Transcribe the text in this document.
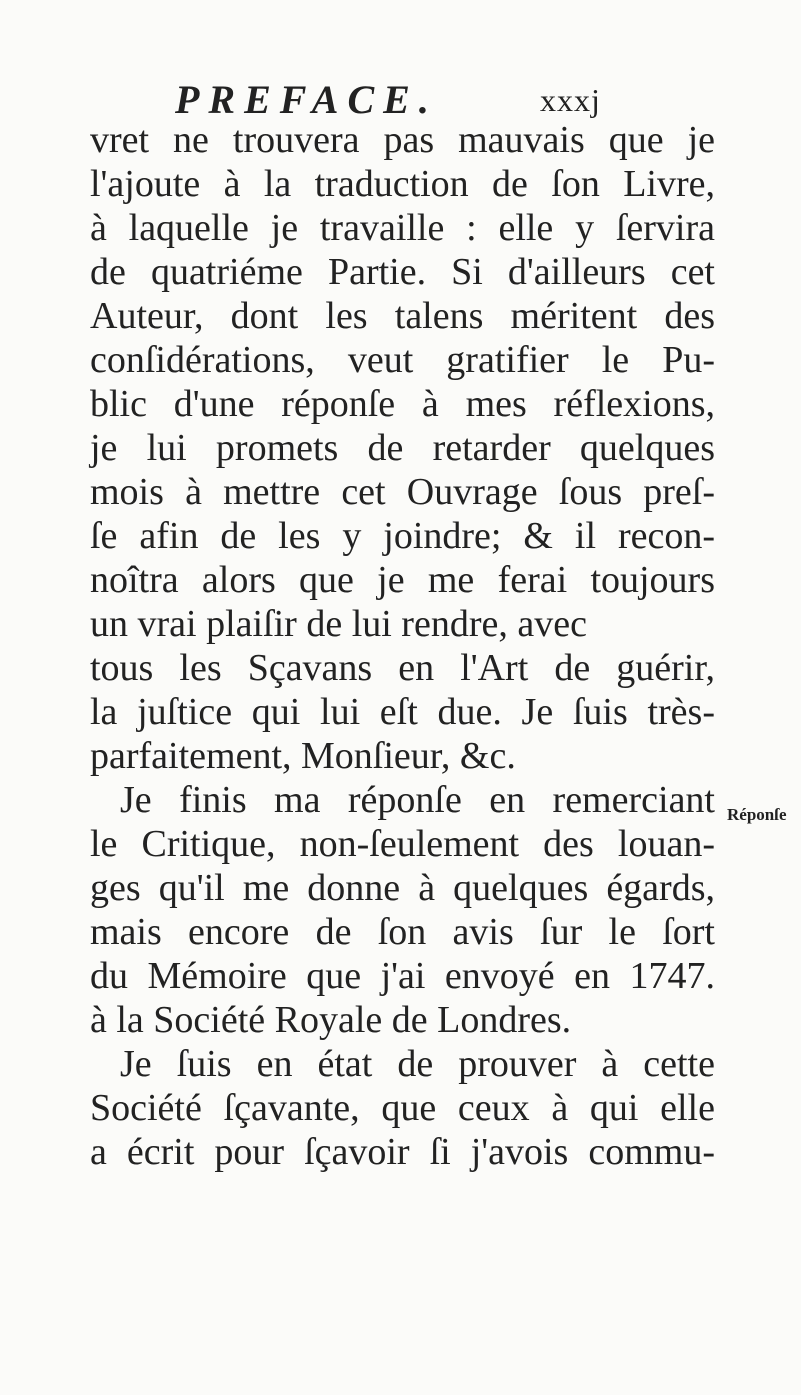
PREFACE.	xxxj
vret ne trouvera pas mauvais que je
l'ajoute à la traduction de ſon Livre,
à laquelle je travaille : elle y ſervira
de quatriéme Partie. Si d'ailleurs cet
Auteur, dont les talens méritent des
conſidérations, veut gratifier le Pu-
blic d'une réponſe à mes réflexions,
je lui promets de retarder quelques
mois à mettre cet Ouvrage ſous preſ-
ſe afin de les y joindre; & il recon-
noîtra alors que je me ferai toujours
un vrai plaiſir de lui rendre, avec
tous les Sçavans en l'Art de guérir,
la juſtice qui lui eſt due. Je ſuis très-
parfaitement, Monſieur, &c.
Je finis ma réponſe en remerciant
le Critique, non-ſeulement des louan-
ges qu'il me donne à quelques égards,
mais encore de ſon avis ſur le ſort
du Mémoire que j'ai envoyé en 1747.
à la Société Royale de Londres.
Je ſuis en état de prouver à cette
Société ſçavante, que ceux à qui elle
a écrit pour ſçavoir ſi j'avois commu-
Réponſe
